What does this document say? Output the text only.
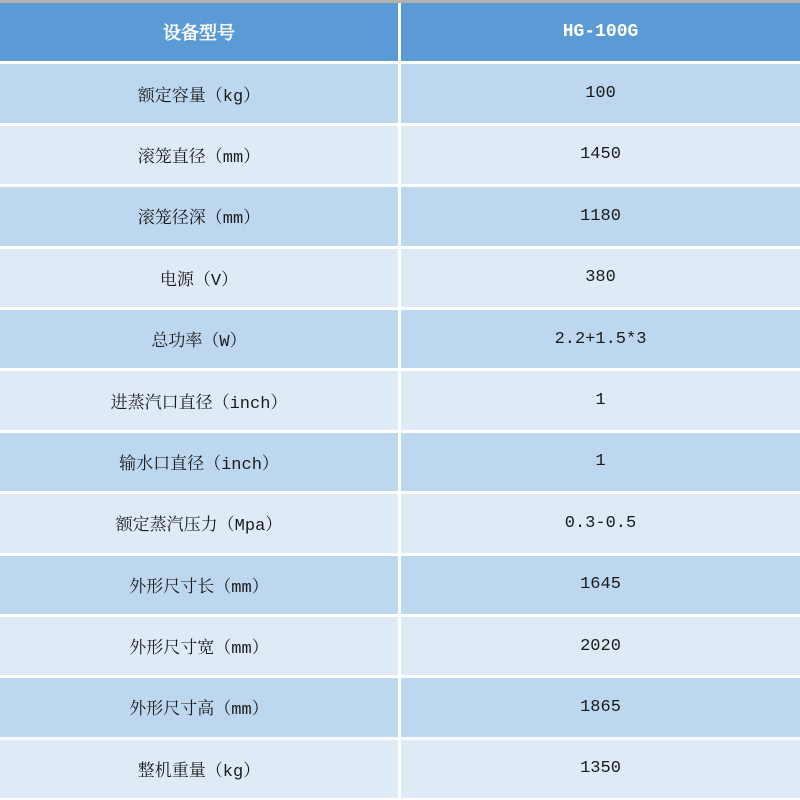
设备型号	HG-100G
额定容量（kg）	100
滚笼直径（mm）	1450
滚笼径深（mm）	1180
电源（V）	380
总功率（W）	2.2+1.5*3
进蒸汽口直径（inch）	1
输水口直径（inch）	1
额定蒸汽压力（Mpa）	0.3-0.5
外形尺寸长（mm）	1645
外形尺寸宽（mm）	2020
外形尺寸高（mm）	1865
整机重量（kg）	1350
